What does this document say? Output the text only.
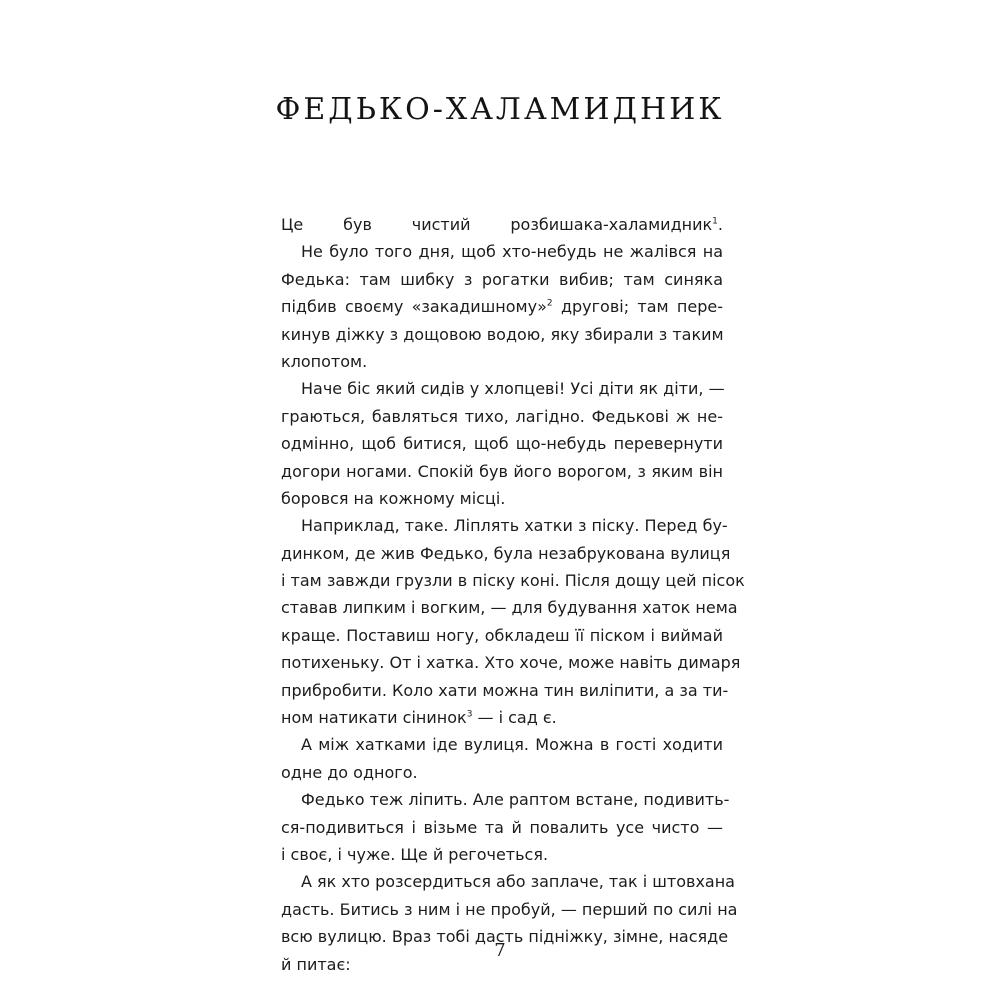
ФЕДЬКО-ХАЛАМИДНИК
Це був чистий розбишака-халамидник$^1$.
Не було того дня, щоб хто-небудь не жалівся на
Федька: там шибку з рогатки вибив; там синяка
підбив своєму «закадишному»$^2$ другові; там пере-
кинув діжку з дощовою водою, яку збирали з таким
клопотом.
Наче біс який сидів у хлопцеві! Усі діти як діти, —
граються, бавляться тихо, лагідно. Федькові ж не-
одмінно, щоб битися, щоб що-небудь перевернути
догори ногами. Спокій був його ворогом, з яким він
боровся на кожному місці.
Наприклад, таке. Ліплять хатки з піску. Перед бу-
динком, де жив Федько, була незабрукована вулиця
і там завжди грузли в піску коні. Після дощу цей пісок
ставав липким і вогким, — для будування хаток нема
краще. Поставиш ногу, обкладеш її піском і виймай
потихеньку. От і хатка. Хто хоче, може навіть димаря
прибробити. Коло хати можна тин виліпити, а за ти-
ном натикати сінинок$^3$ — і сад є.
А між хатками іде вулиця. Можна в гості ходити
одне до одного.
Федько теж ліпить. Але раптом встане, подивить-
ся-подивиться і візьме та й повалить усе чисто —
і своє, і чуже. Ще й регочеться.
А як хто розсердиться або заплаче, так і штовхана
дасть. Битись з ним і не пробуй, — перший по силі на
всю вулицю. Враз тобі дасть підніжку, зімне, насяде
й питає:
7
